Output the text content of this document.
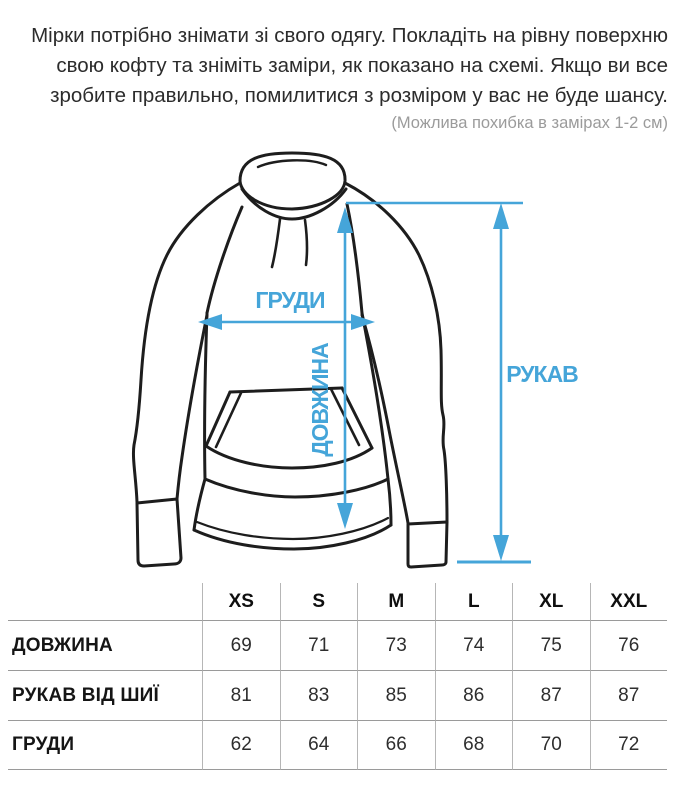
Мірки потрібно знімати зі свого одягу. Покладіть на рівну поверхню
свою кофту та зніміть заміри, як показано на схемі. Якщо ви все
зробите правильно, помилитися з розміром у вас не буде шансу.
(Можлива похибка в замірах 1-2 см)
ГРУДИ
ДОВЖИНА	РУКАВ
XS	S	M	L	XL	XXL
ДОВЖИНА	69	71	73	74	75	76
РУКАВ ВІД ШИЇ	81	83	85	86	87	87
ГРУДИ	62	64	66	68	70	72
